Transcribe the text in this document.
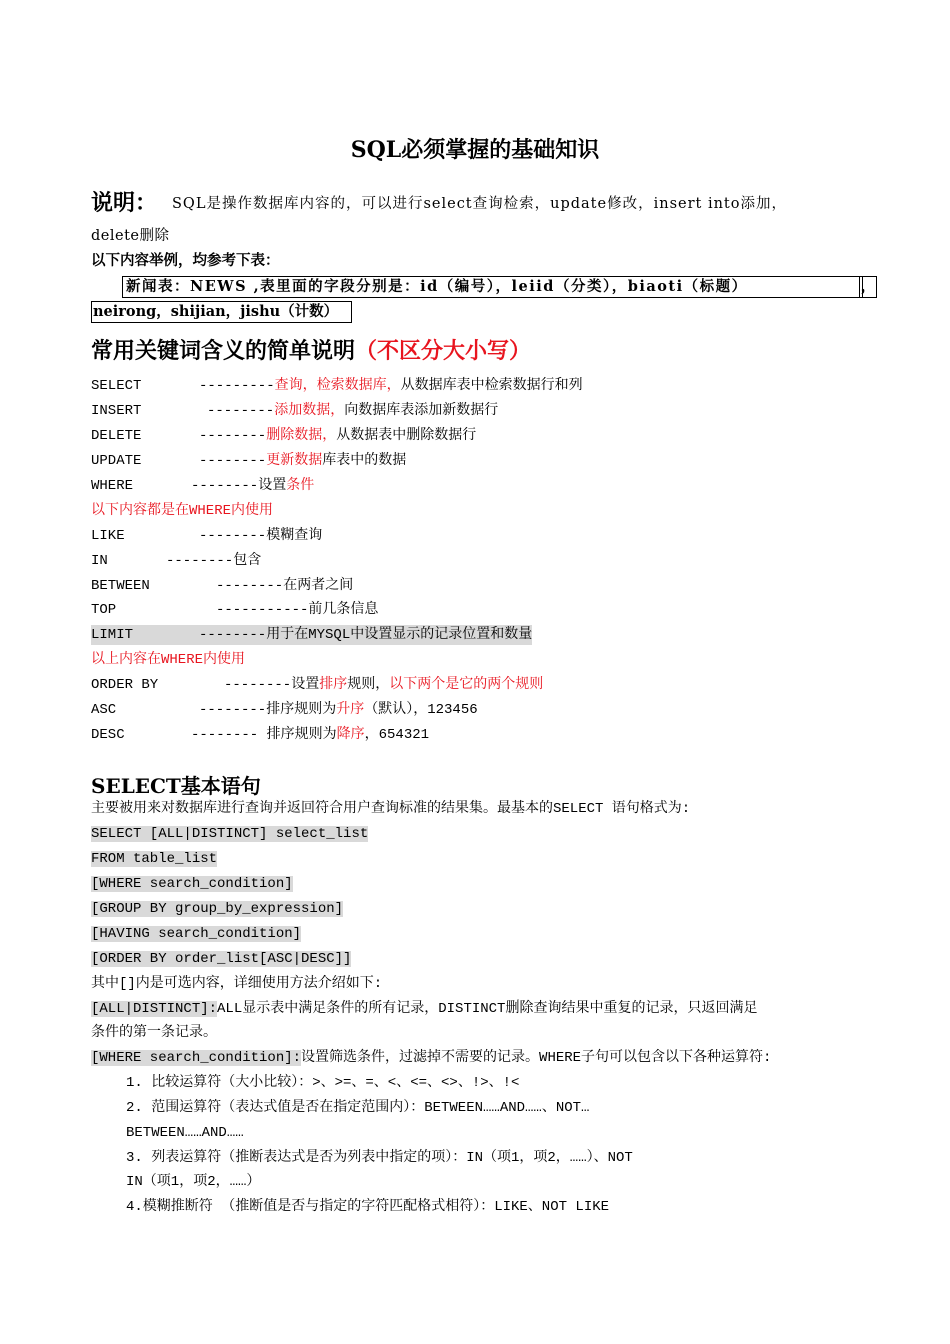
SQL必须掌握的基础知识
说明： SQL是操作数据库内容的，可以进行select查询检索，update修改，insert into添加，
delete删除
以下内容举例，均参考下表：
新闻表：NEWS ,表里面的字段分别是：id（编号），leiid（分类），biaoti（标题）	，
neirong，shijian，jishu（计数）
常用关键词含义的简单说明（不区分大小写）
SELECT	---------查询，检索数据库，从数据库表中检索数据行和列
INSERT	--------添加数据，向数据库表添加新数据行
DELETE	--------删除数据，从数据表中删除数据行
UPDATE	--------更新数据库表中的数据
WHERE	--------设置条件
以下内容都是在WHERE内使用
LIKE	--------模糊查询
IN	--------包含
BETWEEN	--------在两者之间
TOP	-----------前几条信息
LIMIT	--------用于在MYSQL中设置显示的记录位置和数量
以上内容在WHERE内使用
ORDER BY	--------设置排序规则，以下两个是它的两个规则
ASC	--------排序规则为升序（默认），123456
DESC	-------- 排序规则为降序，654321
SELECT基本语句
主要被用来对数据库进行查询并返回符合用户查询标准的结果集。最基本的SELECT 语句格式为:
SELECT [ALL|DISTINCT] select_list
FROM table_list
[WHERE search_condition]
[GROUP BY group_by_expression]
[HAVING search_condition]
[ORDER BY order_list[ASC|DESC]]
其中[]内是可选内容，详细使用方法介绍如下:
[ALL|DISTINCT]:ALL显示表中满足条件的所有记录，DISTINCT删除查询结果中重复的记录，只返回满足
条件的第一条记录。
[WHERE search_condition]:设置筛选条件，过滤掉不需要的记录。WHERE子句可以包含以下各种运算符:
1. 比较运算符（大小比较）：>、>=、=、<、<=、<>、!>、!<
2. 范围运算符（表达式值是否在指定范围内）：BETWEEN……AND……、NOT…
BETWEEN……AND……
3. 列表运算符（推断表达式是否为列表中指定的项）：IN（项1，项2，……）、NOT
IN（项1，项2，……）
4.模糊推断符 （推断值是否与指定的字符匹配格式相符）：LIKE、NOT LIKE
